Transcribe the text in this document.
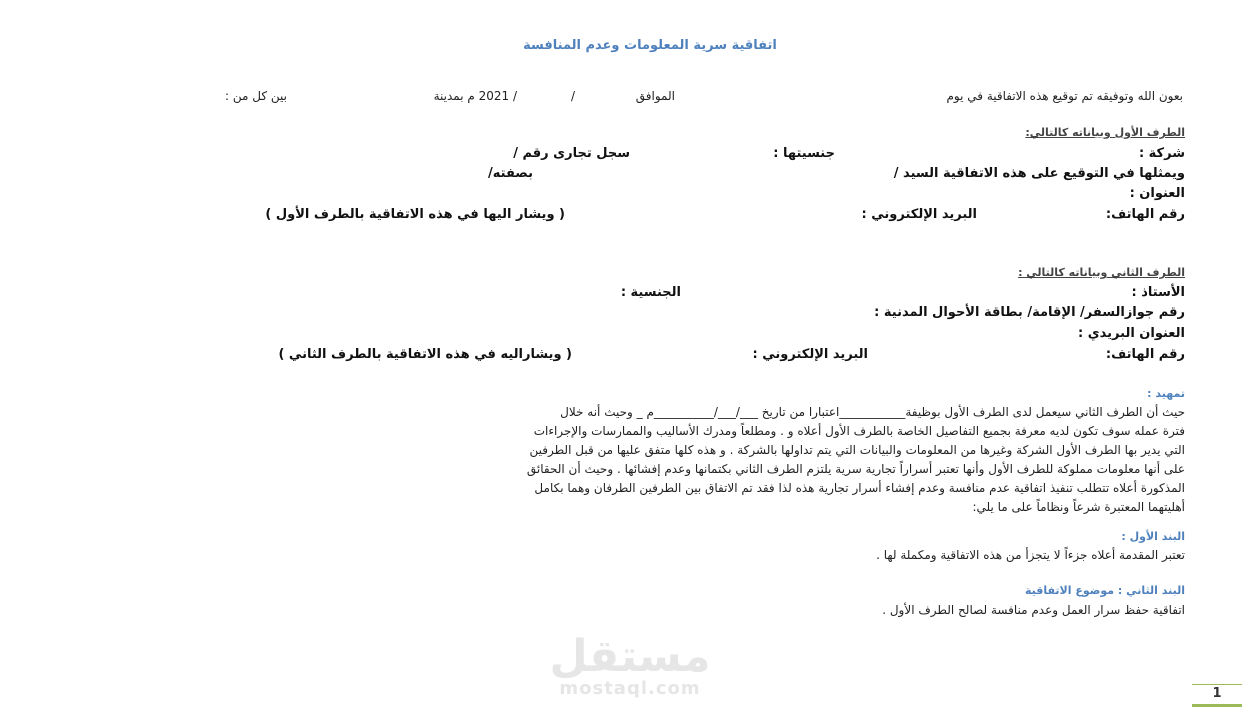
اتفاقية سرية المعلومات وعدم المنافسة
بعون الله وتوفيقه تم توقيع هذه الاتفاقية في يوم
الموافق
/
/ 2021 م بمدينة
بين كل من :
الطرف الأول وبياناته كالتالي:
شركة :
جنسيتها :
سجل تجارى رقم /
ويمثلها في التوقيع على هذه الاتفاقية السيد /
بصفته/
العنوان :
رقم الهاتف:
البريد الإلكتروني :
( ويشار اليها في هذه الاتفاقية بالطرف الأول )
الطرف الثاني وبياناته كالتالي :
الأستاذ :
الجنسية :
رقم جوازالسفر/ الإقامة/ بطاقة الأحوال المدنية :
العنوان البريدي :
رقم الهاتف:
البريد الإلكتروني :
( ويشاراليه في هذه الاتفاقية بالطرف الثاني )
تمهيد :
حيث أن الطرف الثاني سيعمل لدى الطرف الأول بوظيفة___________اعتبارا من تاريخ ___/___/__________م _ وحيث أنه خلال
فترة عمله سوف تكون لديه معرفة بجميع التفاصيل الخاصة بالطرف الأول أعلاه و . ومطلعاً ومدرك الأساليب والممارسات والإجراءات
التي يدير بها الطرف الأول الشركة وغيرها من المعلومات والبيانات التي يتم تداولها بالشركة . و هذه كلها متفق عليها من قبل الطرفين
على أنها معلومات مملوكة للطرف الأول وأنها تعتبر أسراراً تجارية سرية يلتزم الطرف الثاني بكتمانها وعدم إفشائها . وحيث أن الحقائق
المذكورة أعلاه تتطلب تنفيذ اتفاقية عدم منافسة وعدم إفشاء أسرار تجارية هذه لذا فقد تم الاتفاق بين الطرفين الطرفان وهما بكامل
أهليتهما المعتبرة شرعاً ونظاماً على ما يلي:
البند الأول :
تعتبر المقدمة أعلاه جزءاً لا يتجزأ من هذه الاتفاقية ومكملة لها .
البند الثاني : موضوع الاتفاقية
اتفاقية حفظ سرار العمل وعدم منافسة لصالح الطرف الأول .
مستقل
mostaql.com	1
